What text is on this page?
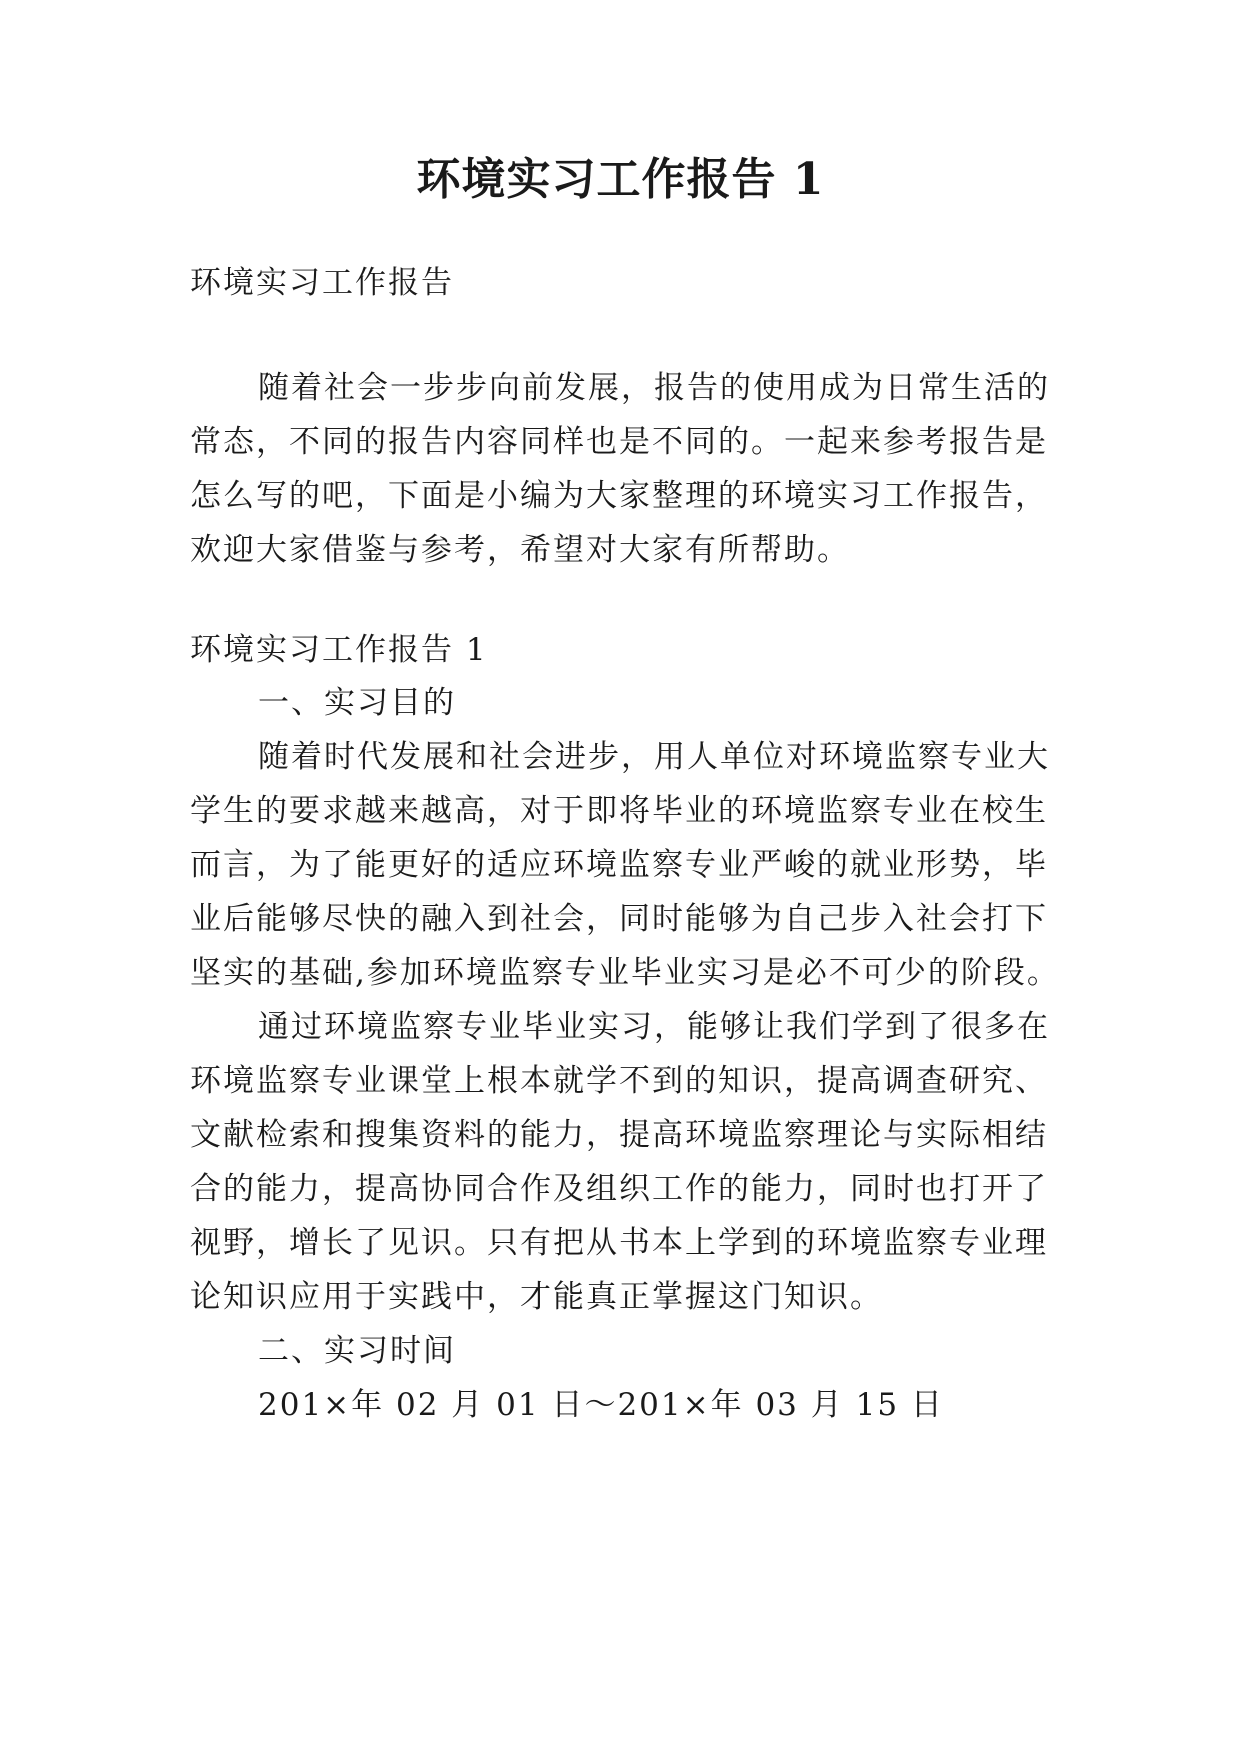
环境实习工作报告 1

环境实习工作报告

随着社会一步步向前发展，报告的使用成为日常生活的

常态，不同的报告内容同样也是不同的。一起来参考报告是

怎么写的吧，下面是小编为大家整理的环境实习工作报告，

欢迎大家借鉴与参考，希望对大家有所帮助。

环境实习工作报告 1

一、实习目的

随着时代发展和社会进步，用人单位对环境监察专业大

学生的要求越来越高，对于即将毕业的环境监察专业在校生

而言，为了能更好的适应环境监察专业严峻的就业形势，毕

业后能够尽快的融入到社会，同时能够为自己步入社会打下

坚实的基础,参加环境监察专业毕业实习是必不可少的阶段。

通过环境监察专业毕业实习，能够让我们学到了很多在

环境监察专业课堂上根本就学不到的知识，提高调查研究、

文献检索和搜集资料的能力，提高环境监察理论与实际相结

合的能力，提高协同合作及组织工作的能力，同时也打开了

视野，增长了见识。只有把从书本上学到的环境监察专业理

论知识应用于实践中，才能真正掌握这门知识。

二、实习时间

201×年 02 月 01 日～201×年 03 月 15 日
